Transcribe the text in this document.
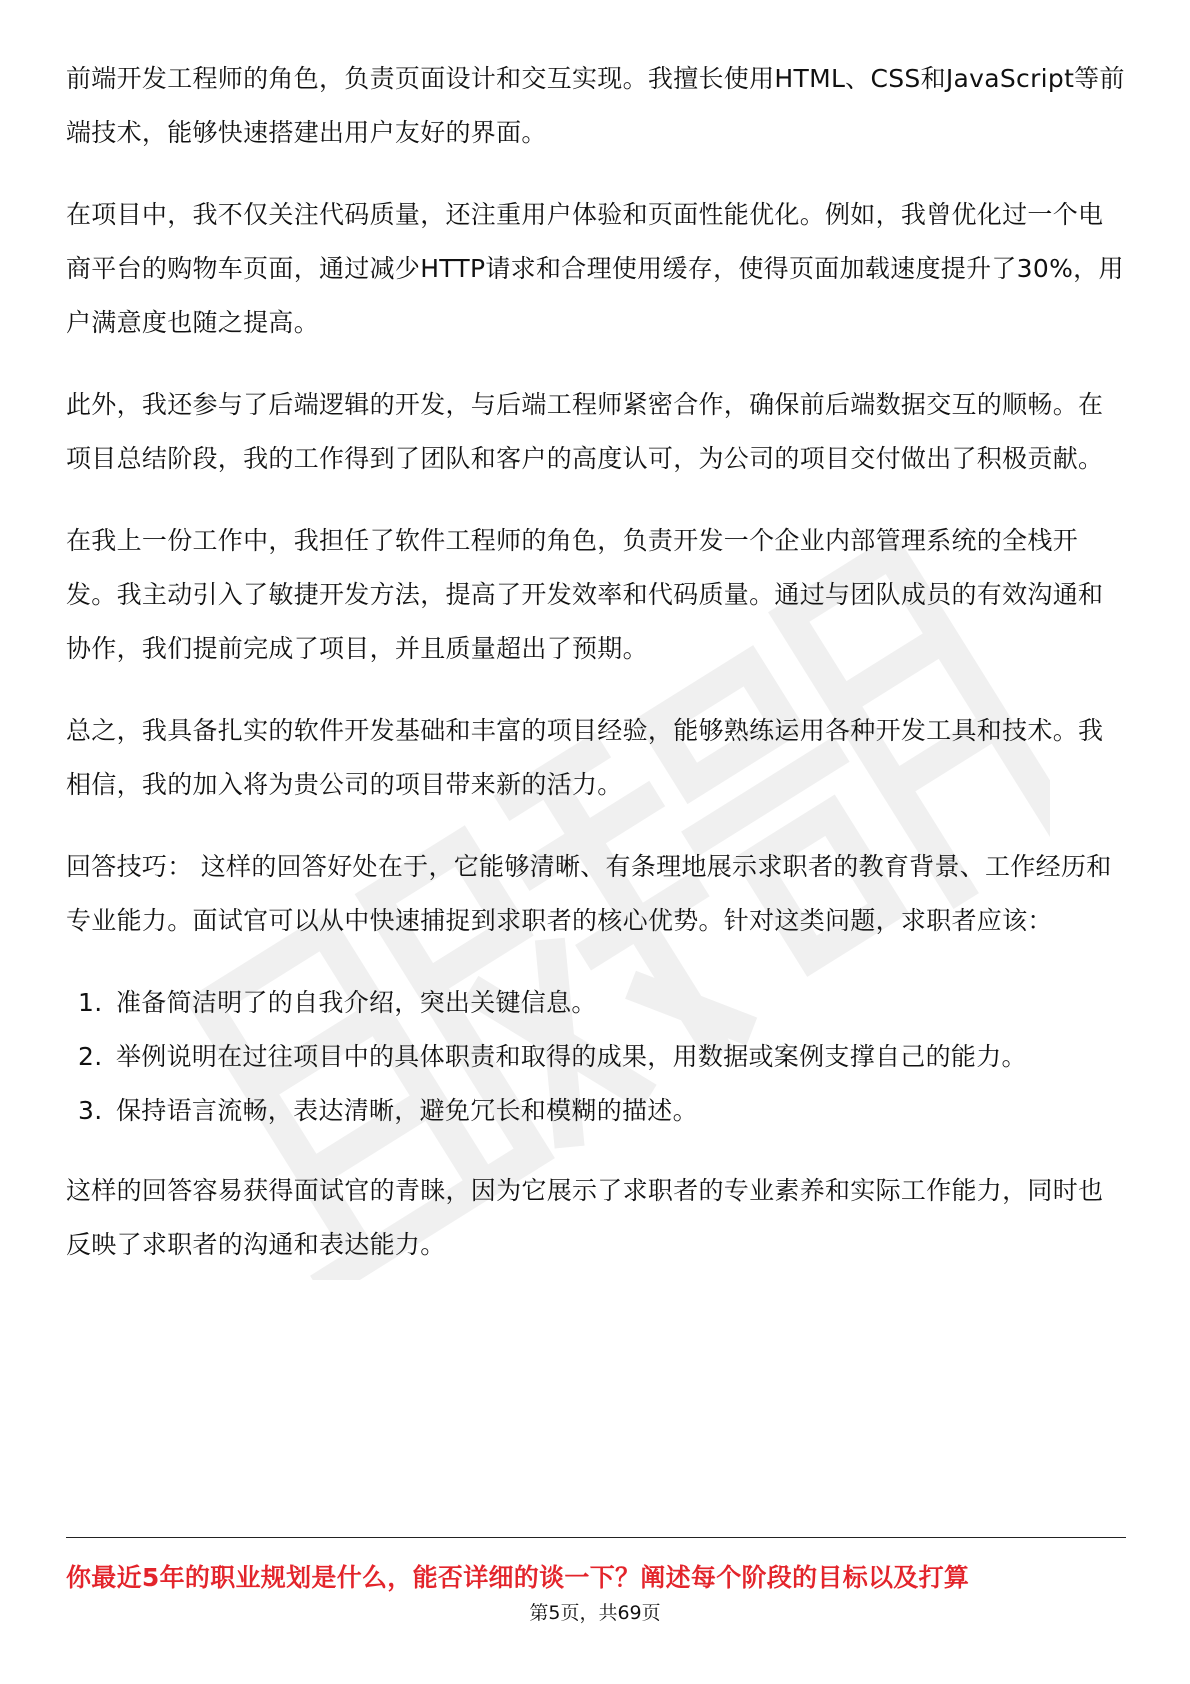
前端开发工程师的角色，负责页面设计和交互实现。我擅长使用HTML、CSS和JavaScript等前端技术，能够快速搭建出用户友好的界面。

在项目中，我不仅关注代码质量，还注重用户体验和页面性能优化。例如，我曾优化过一个电商平台的购物车页面，通过减少HTTP请求和合理使用缓存，使得页面加载速度提升了30%，用户满意度也随之提高。

此外，我还参与了后端逻辑的开发，与后端工程师紧密合作，确保前后端数据交互的顺畅。在项目总结阶段，我的工作得到了团队和客户的高度认可，为公司的项目交付做出了积极贡献。

在我上一份工作中，我担任了软件工程师的角色，负责开发一个企业内部管理系统的全栈开发。我主动引入了敏捷开发方法，提高了开发效率和代码质量。通过与团队成员的有效沟通和协作，我们提前完成了项目，并且质量超出了预期。

总之，我具备扎实的软件开发基础和丰富的项目经验，能够熟练运用各种开发工具和技术。我相信，我的加入将为贵公司的项目带来新的活力。

回答技巧： 这样的回答好处在于，它能够清晰、有条理地展示求职者的教育背景、工作经历和专业能力。面试官可以从中快速捕捉到求职者的核心优势。针对这类问题，求职者应该：

1. 准备简洁明了的自我介绍，突出关键信息。
2. 举例说明在过往项目中的具体职责和取得的成果，用数据或案例支撑自己的能力。
3. 保持语言流畅，表达清晰，避免冗长和模糊的描述。

这样的回答容易获得面试官的青睐，因为它展示了求职者的专业素养和实际工作能力，同时也反映了求职者的沟通和表达能力。

你最近5年的职业规划是什么，能否详细的谈一下？阐述每个阶段的目标以及打算
第5页，共69页
